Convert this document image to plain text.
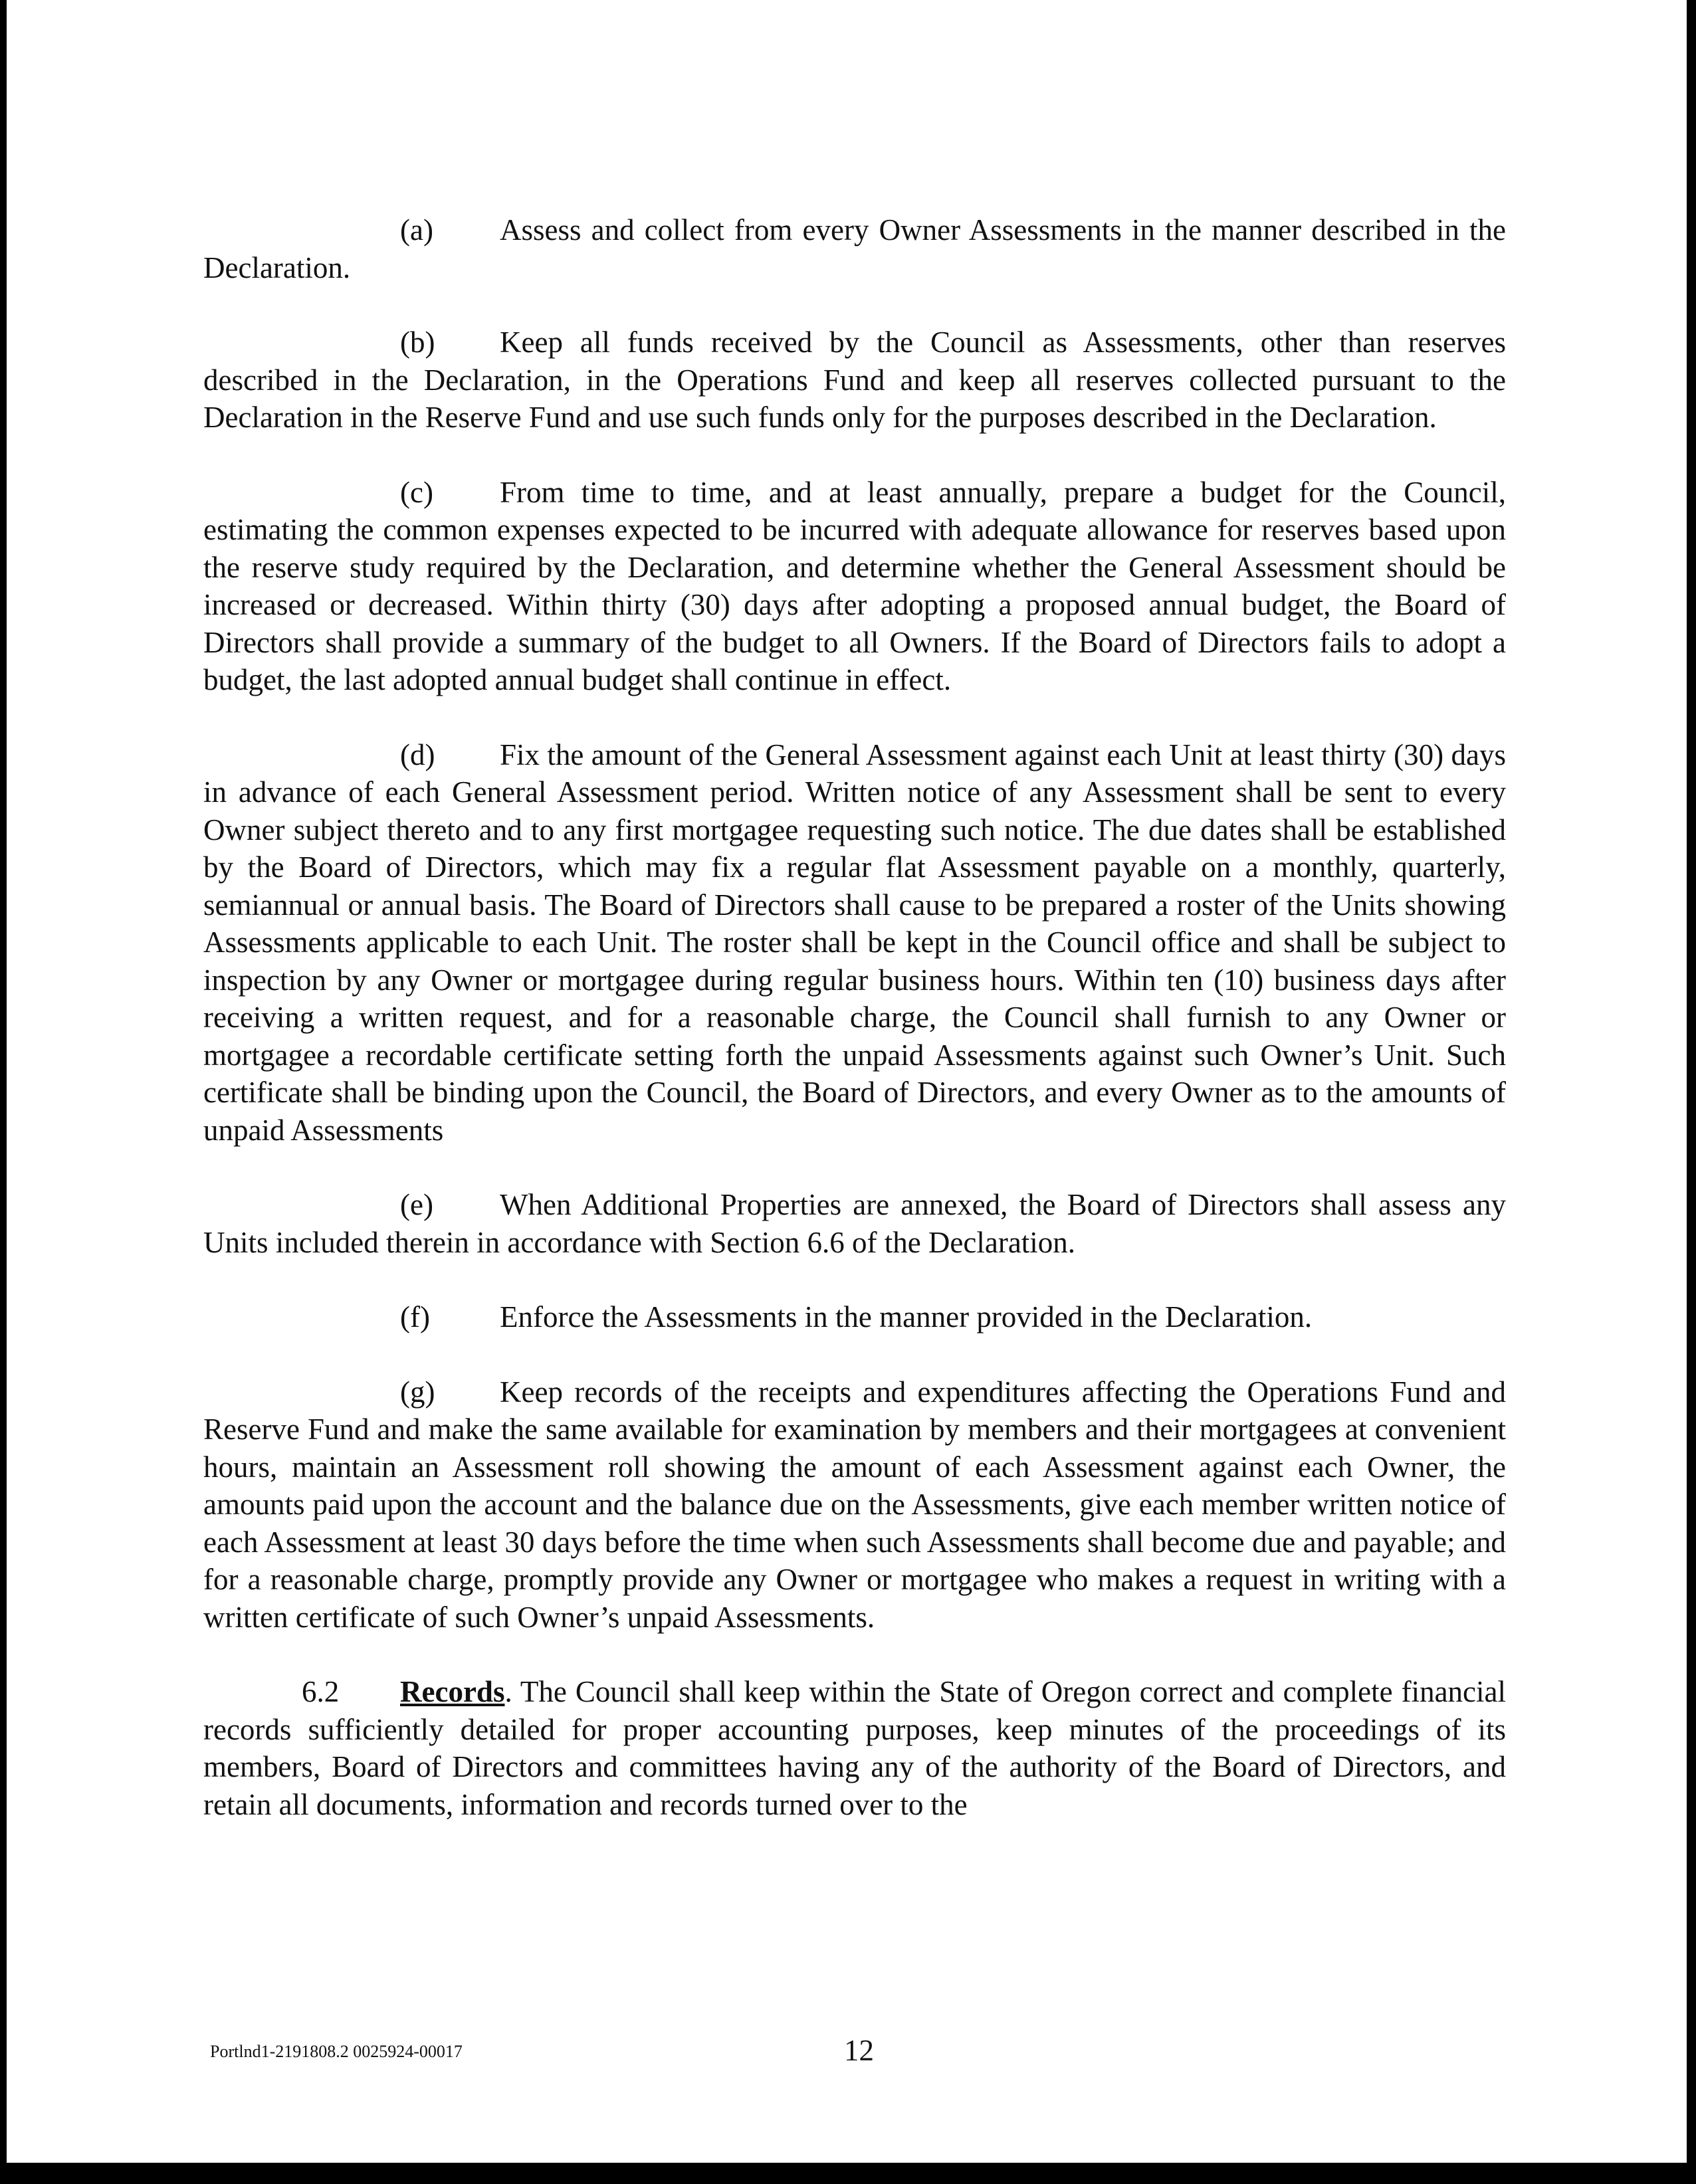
(a) Assess and collect from every Owner Assessments in the manner described in the Declaration.

(b) Keep all funds received by the Council as Assessments, other than reserves described in the Declaration, in the Operations Fund and keep all reserves collected pursuant to the Declaration in the Reserve Fund and use such funds only for the purposes described in the Declaration.

(c) From time to time, and at least annually, prepare a budget for the Council, estimating the common expenses expected to be incurred with adequate allowance for reserves based upon the reserve study required by the Declaration, and determine whether the General Assessment should be increased or decreased. Within thirty (30) days after adopting a proposed annual budget, the Board of Directors shall provide a summary of the budget to all Owners. If the Board of Directors fails to adopt a budget, the last adopted annual budget shall continue in effect.

(d) Fix the amount of the General Assessment against each Unit at least thirty (30) days in advance of each General Assessment period. Written notice of any Assessment shall be sent to every Owner subject thereto and to any first mortgagee requesting such notice. The due dates shall be established by the Board of Directors, which may fix a regular flat Assessment payable on a monthly, quarterly, semiannual or annual basis. The Board of Directors shall cause to be prepared a roster of the Units showing Assessments applicable to each Unit. The roster shall be kept in the Council office and shall be subject to inspection by any Owner or mortgagee during regular business hours. Within ten (10) business days after receiving a written request, and for a reasonable charge, the Council shall furnish to any Owner or mortgagee a recordable certificate setting forth the unpaid Assessments against such Owner’s Unit. Such certificate shall be binding upon the Council, the Board of Directors, and every Owner as to the amounts of unpaid Assessments

(e) When Additional Properties are annexed, the Board of Directors shall assess any Units included therein in accordance with Section 6.6 of the Declaration.

(f) Enforce the Assessments in the manner provided in the Declaration.

(g) Keep records of the receipts and expenditures affecting the Operations Fund and Reserve Fund and make the same available for examination by members and their mortgagees at convenient hours, maintain an Assessment roll showing the amount of each Assessment against each Owner, the amounts paid upon the account and the balance due on the Assessments, give each member written notice of each Assessment at least 30 days before the time when such Assessments shall become due and payable; and for a reasonable charge, promptly provide any Owner or mortgagee who makes a request in writing with a written certificate of such Owner’s unpaid Assessments.

6.2 Records. The Council shall keep within the State of Oregon correct and complete financial records sufficiently detailed for proper accounting purposes, keep minutes of the proceedings of its members, Board of Directors and committees having any of the authority of the Board of Directors, and retain all documents, information and records turned over to the

Portlnd1-2191808.2 0025924-00017	12
